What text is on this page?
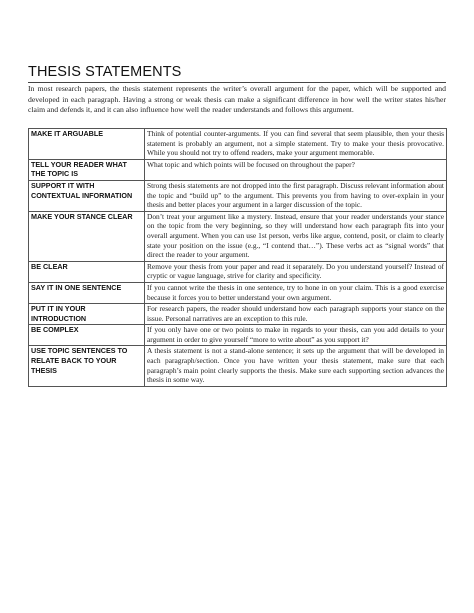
THESIS STATEMENTS

In most research papers, the thesis statement represents the writer’s overall argument for the paper, which will be supported and developed in each paragraph. Having a strong or weak thesis can make a significant difference in how well the writer states his/her claim and defends it, and it can also influence how well the reader understands and follows this argument.

MAKE IT ARGUABLE	Think of potential counter-arguments. If you can find several that seem plausible, then your thesis statement is probably an argument, not a simple statement. Try to make your thesis provocative. While you should not try to offend readers, make your argument memorable.
TELL YOUR READER WHAT THE TOPIC IS	What topic and which points will be focused on throughout the paper?
SUPPORT IT WITH CONTEXTUAL INFORMATION	Strong thesis statements are not dropped into the first paragraph. Discuss relevant information about the topic and “build up” to the argument. This prevents you from having to over-explain in your thesis and better places your argument in a larger discussion of the topic.
MAKE YOUR STANCE CLEAR	Don’t treat your argument like a mystery. Instead, ensure that your reader understands your stance on the topic from the very beginning, so they will understand how each paragraph fits into your overall argument. When you can use 1st person, verbs like argue, contend, posit, or claim to clearly state your position on the issue (e.g., “I contend that…”). These verbs act as “signal words” that direct the reader to your argument.
BE CLEAR	Remove your thesis from your paper and read it separately. Do you understand yourself? Instead of cryptic or vague language, strive for clarity and specificity.
SAY IT IN ONE SENTENCE	If you cannot write the thesis in one sentence, try to hone in on your claim. This is a good exercise because it forces you to better understand your own argument.
PUT IT IN YOUR INTRODUCTION	For research papers, the reader should understand how each paragraph supports your stance on the issue. Personal narratives are an exception to this rule.
BE COMPLEX	If you only have one or two points to make in regards to your thesis, can you add details to your argument in order to give yourself “more to write about” as you support it?
USE TOPIC SENTENCES TO RELATE BACK TO YOUR THESIS	A thesis statement is not a stand-alone sentence; it sets up the argument that will be developed in each paragraph/section. Once you have written your thesis statement, make sure that each paragraph’s main point clearly supports the thesis. Make sure each supporting section advances the thesis in some way.
